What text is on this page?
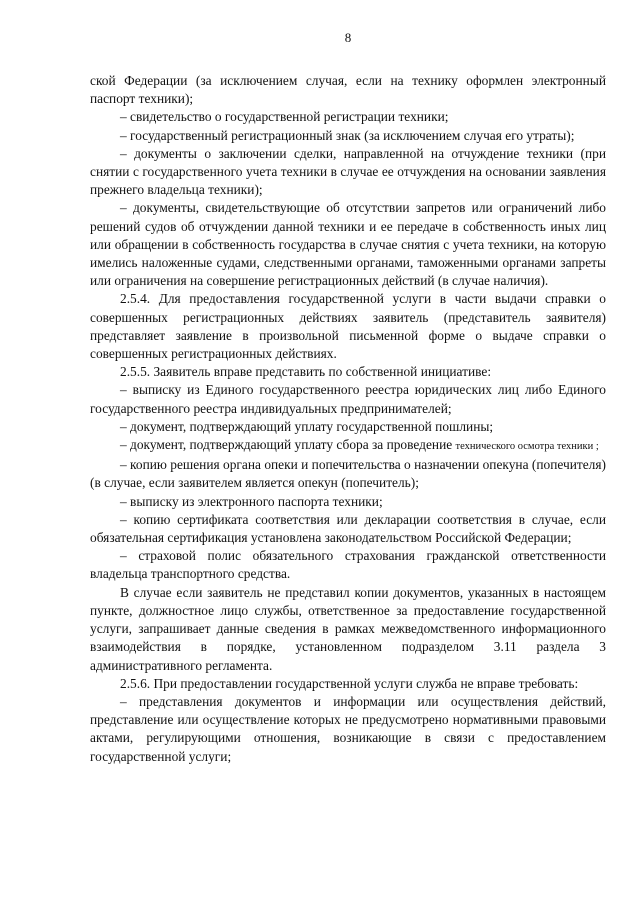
8

ской Федерации (за исключением случая, если на технику оформлен электронный паспорт техники);

– свидетельство о государственной регистрации техники;

– государственный регистрационный знак (за исключением случая его утраты);

– документы о заключении сделки, направленной на отчуждение техники (при снятии с государственного учета техники в случае ее отчуждения на основании заявления прежнего владельца техники);

– документы, свидетельствующие об отсутствии запретов или ограничений либо решений судов об отчуждении данной техники и ее передаче в собственность иных лиц или обращении в собственность государства в случае снятия с учета техники, на которую имелись наложенные судами, следственными органами, таможенными органами запреты или ограничения на совершение регистрационных действий (в случае наличия).

2.5.4. Для предоставления государственной услуги в части выдачи справки о совершенных регистрационных действиях заявитель (представитель заявителя) представляет заявление в произвольной письменной форме о выдаче справки о совершенных регистрационных действиях.

2.5.5. Заявитель вправе представить по собственной инициативе:

– выписку из Единого государственного реестра юридических лиц либо Единого государственного реестра индивидуальных предпринимателей;

– документ, подтверждающий уплату государственной пошлины;

– документ, подтверждающий уплату сбора за проведение технического осмотра техники ;

– копию решения органа опеки и попечительства о назначении опекуна (попечителя) (в случае, если заявителем является опекун (попечитель);

– выписку из электронного паспорта техники;

– копию сертификата соответствия или декларации соответствия в случае, если обязательная сертификация установлена законодательством Российской Федерации;

– страховой полис обязательного страхования гражданской ответственности владельца транспортного средства.

В случае если заявитель не представил копии документов, указанных в настоящем пункте, должностное лицо службы, ответственное за предоставление государственной услуги, запрашивает данные сведения в рамках межведомственного информационного взаимодействия в порядке, установленном подразделом 3.11 раздела 3 административного регламента.

2.5.6. При предоставлении государственной услуги служба не вправе требовать:

– представления документов и информации или осуществления действий, представление или осуществление которых не предусмотрено нормативными правовыми актами, регулирующими отношения, возникающие в связи с предоставлением государственной услуги;
